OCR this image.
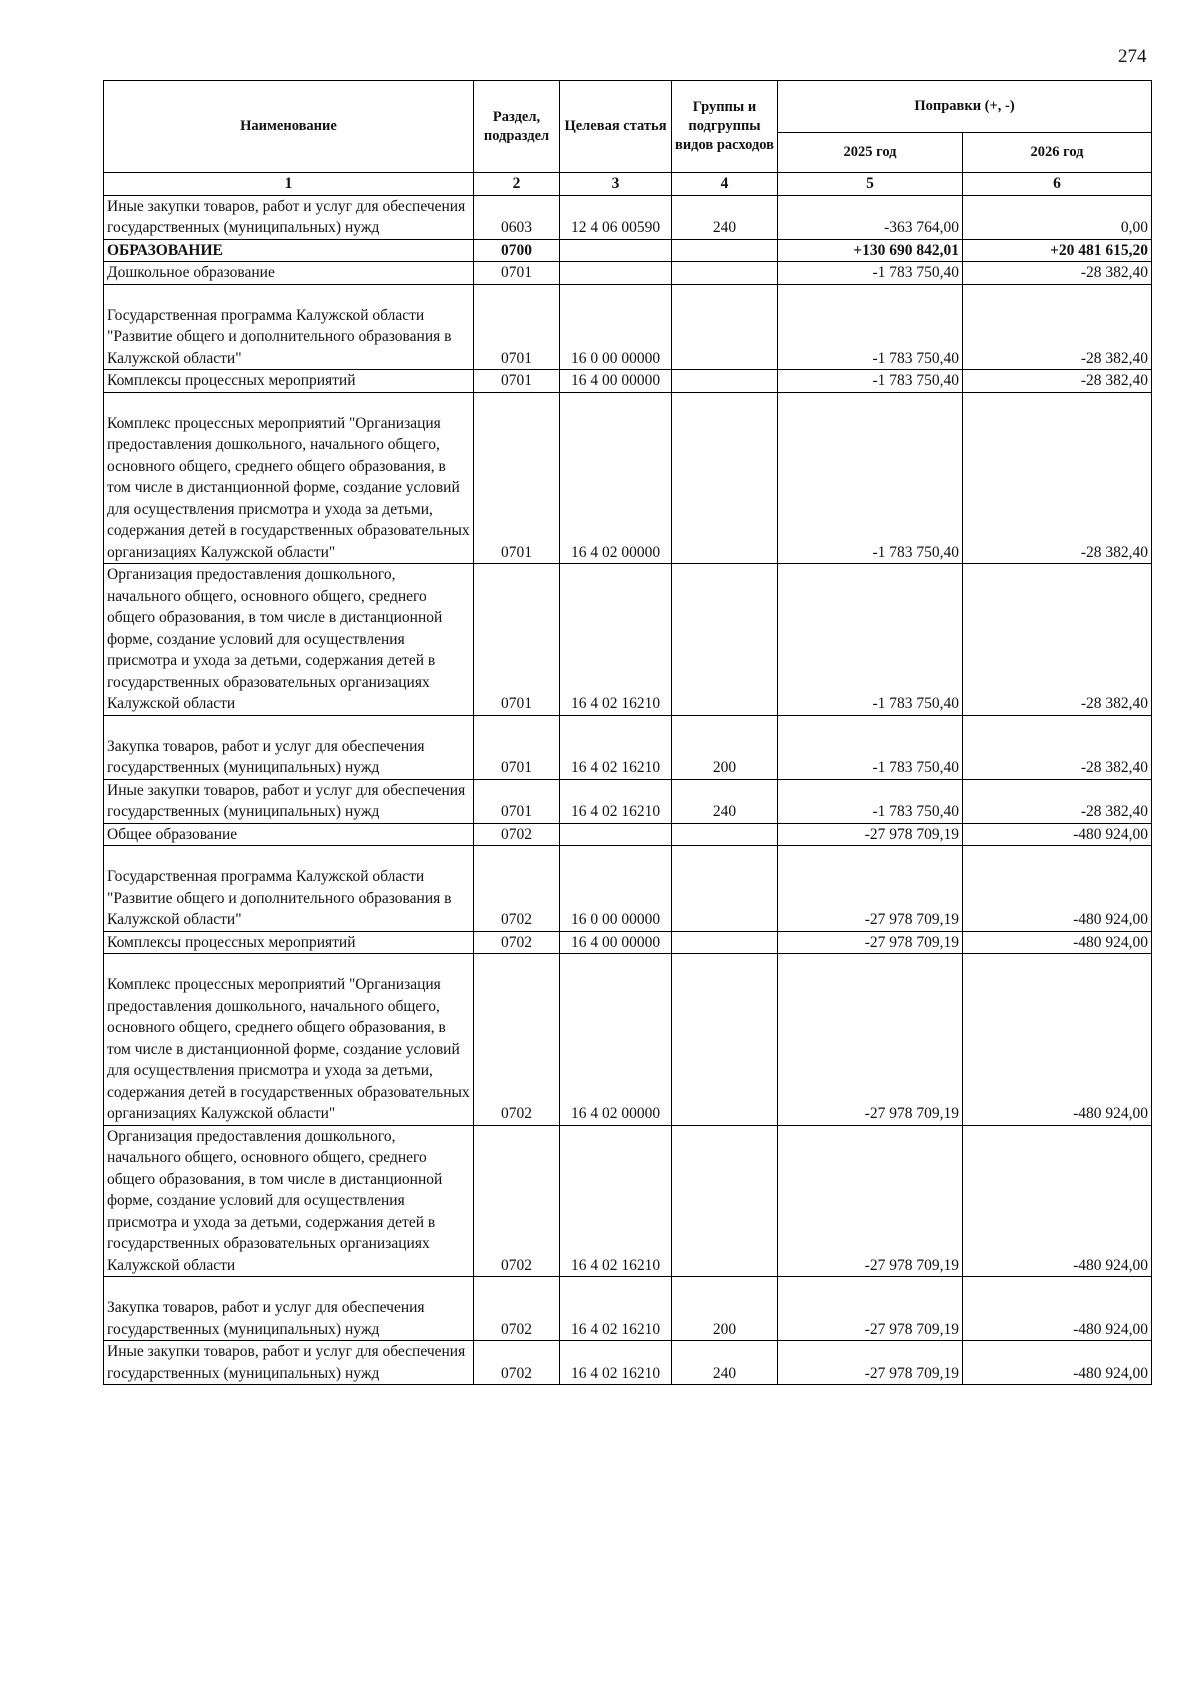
274
Наименование	Раздел, подраздел	Целевая статья	Группы и подгруппы видов расходов	Поправки (+, -)	
				2025 год	2026 год
1	2	3	4	5	6
Иные закупки товаров, работ и услуг для обеспечения государственных (муниципальных) нужд	0603	12 4 06 00590	240	-363 764,00	0,00
ОБРАЗОВАНИЕ	0700			+130 690 842,01	+20 481 615,20
Дошкольное образование	0701			-1 783 750,40	-28 382,40
Государственная программа Калужской области "Развитие общего и дополнительного образования в Калужской области"	0701	16 0 00 00000		-1 783 750,40	-28 382,40
Комплексы процессных мероприятий	0701	16 4 00 00000		-1 783 750,40	-28 382,40
Комплекс процессных мероприятий "Организация предоставления дошкольного, начального общего, основного общего, среднего общего образования, в том числе в дистанционной форме, создание условий для осуществления присмотра и ухода за детьми, содержания детей в государственных образовательных организациях Калужской области"	0701	16 4 02 00000		-1 783 750,40	-28 382,40
Организация предоставления дошкольного, начального общего, основного общего, среднего общего образования, в том числе в дистанционной форме, создание условий для осуществления присмотра и ухода за детьми, содержания детей в государственных образовательных организациях Калужской области	0701	16 4 02 16210		-1 783 750,40	-28 382,40
Закупка товаров, работ и услуг для обеспечения государственных (муниципальных) нужд	0701	16 4 02 16210	200	-1 783 750,40	-28 382,40
Иные закупки товаров, работ и услуг для обеспечения государственных (муниципальных) нужд	0701	16 4 02 16210	240	-1 783 750,40	-28 382,40
Общее образование	0702			-27 978 709,19	-480 924,00
Государственная программа Калужской области "Развитие общего и дополнительного образования в Калужской области"	0702	16 0 00 00000		-27 978 709,19	-480 924,00
Комплексы процессных мероприятий	0702	16 4 00 00000		-27 978 709,19	-480 924,00
Комплекс процессных мероприятий "Организация предоставления дошкольного, начального общего, основного общего, среднего общего образования, в том числе в дистанционной форме, создание условий для осуществления присмотра и ухода за детьми, содержания детей в государственных образовательных организациях Калужской области"	0702	16 4 02 00000		-27 978 709,19	-480 924,00
Организация предоставления дошкольного, начального общего, основного общего, среднего общего образования, в том числе в дистанционной форме, создание условий для осуществления присмотра и ухода за детьми, содержания детей в государственных образовательных организациях Калужской области	0702	16 4 02 16210		-27 978 709,19	-480 924,00
Закупка товаров, работ и услуг для обеспечения государственных (муниципальных) нужд	0702	16 4 02 16210	200	-27 978 709,19	-480 924,00
Иные закупки товаров, работ и услуг для обеспечения государственных (муниципальных) нужд	0702	16 4 02 16210	240	-27 978 709,19	-480 924,00
